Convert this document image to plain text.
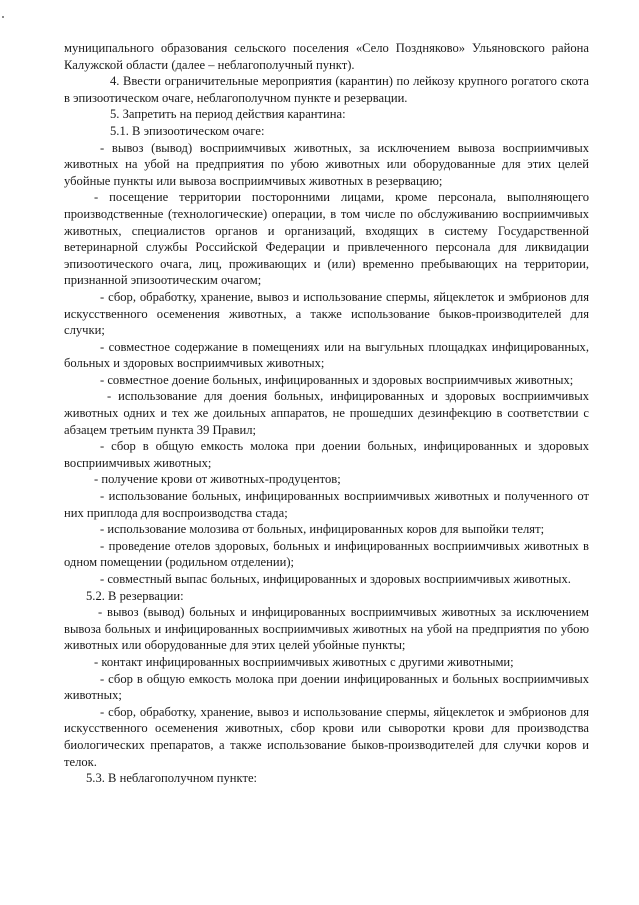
муниципального образования сельского поселения «Село Поздняково» Ульяновского района Калужской области (далее – неблагополучный пункт).

4. Ввести ограничительные мероприятия (карантин) по лейкозу крупного рогатого скота в эпизоотическом очаге, неблагополучном пункте и резервации.

5. Запретить на период действия карантина:

5.1. В эпизоотическом очаге:

- вывоз (вывод) восприимчивых животных, за исключением вывоза восприимчивых животных на убой на предприятия по убою животных или оборудованные для этих целей убойные пункты или вывоза восприимчивых животных в резервацию;

- посещение территории посторонними лицами, кроме персонала, выполняющего производственные (технологические) операции, в том числе по обслуживанию восприимчивых животных, специалистов органов и организаций, входящих в систему Государственной ветеринарной службы Российской Федерации и привлеченного персонала для ликвидации эпизоотического очага, лиц, проживающих и (или) временно пребывающих на территории, признанной эпизоотическим очагом;

- сбор, обработку, хранение, вывоз и использование спермы, яйцеклеток и эмбрионов для искусственного осеменения животных, а также использование быков-производителей для случки;

- совместное содержание в помещениях или на выгульных площадках инфицированных, больных и здоровых восприимчивых животных;

- совместное доение больных, инфицированных и здоровых восприимчивых животных;

- использование для доения больных, инфицированных и здоровых восприимчивых животных одних и тех же доильных аппаратов, не прошедших дезинфекцию в соответствии с абзацем третьим пункта 39 Правил;

- сбор в общую емкость молока при доении больных, инфицированных и здоровых восприимчивых животных;

- получение крови от животных-продуцентов;

- использование больных, инфицированных восприимчивых животных и полученного от них приплода для воспроизводства стада;

- использование молозива от больных, инфицированных коров для выпойки телят;

- проведение отелов здоровых, больных и инфицированных восприимчивых животных в одном помещении (родильном отделении);

- совместный выпас больных, инфицированных и здоровых восприимчивых животных.

5.2. В резервации:

- вывоз (вывод) больных и инфицированных восприимчивых животных за исключением вывоза больных и инфицированных восприимчивых животных на убой на предприятия по убою животных или оборудованные для этих целей убойные пункты;

- контакт инфицированных восприимчивых животных с другими животными;

- сбор в общую емкость молока при доении инфицированных и больных восприимчивых животных;

- сбор, обработку, хранение, вывоз и использование спермы, яйцеклеток и эмбрионов для искусственного осеменения животных, сбор крови или сыворотки крови для производства биологических препаратов, а также использование быков-производителей для случки коров и телок.

5.3. В неблагополучном пункте:
